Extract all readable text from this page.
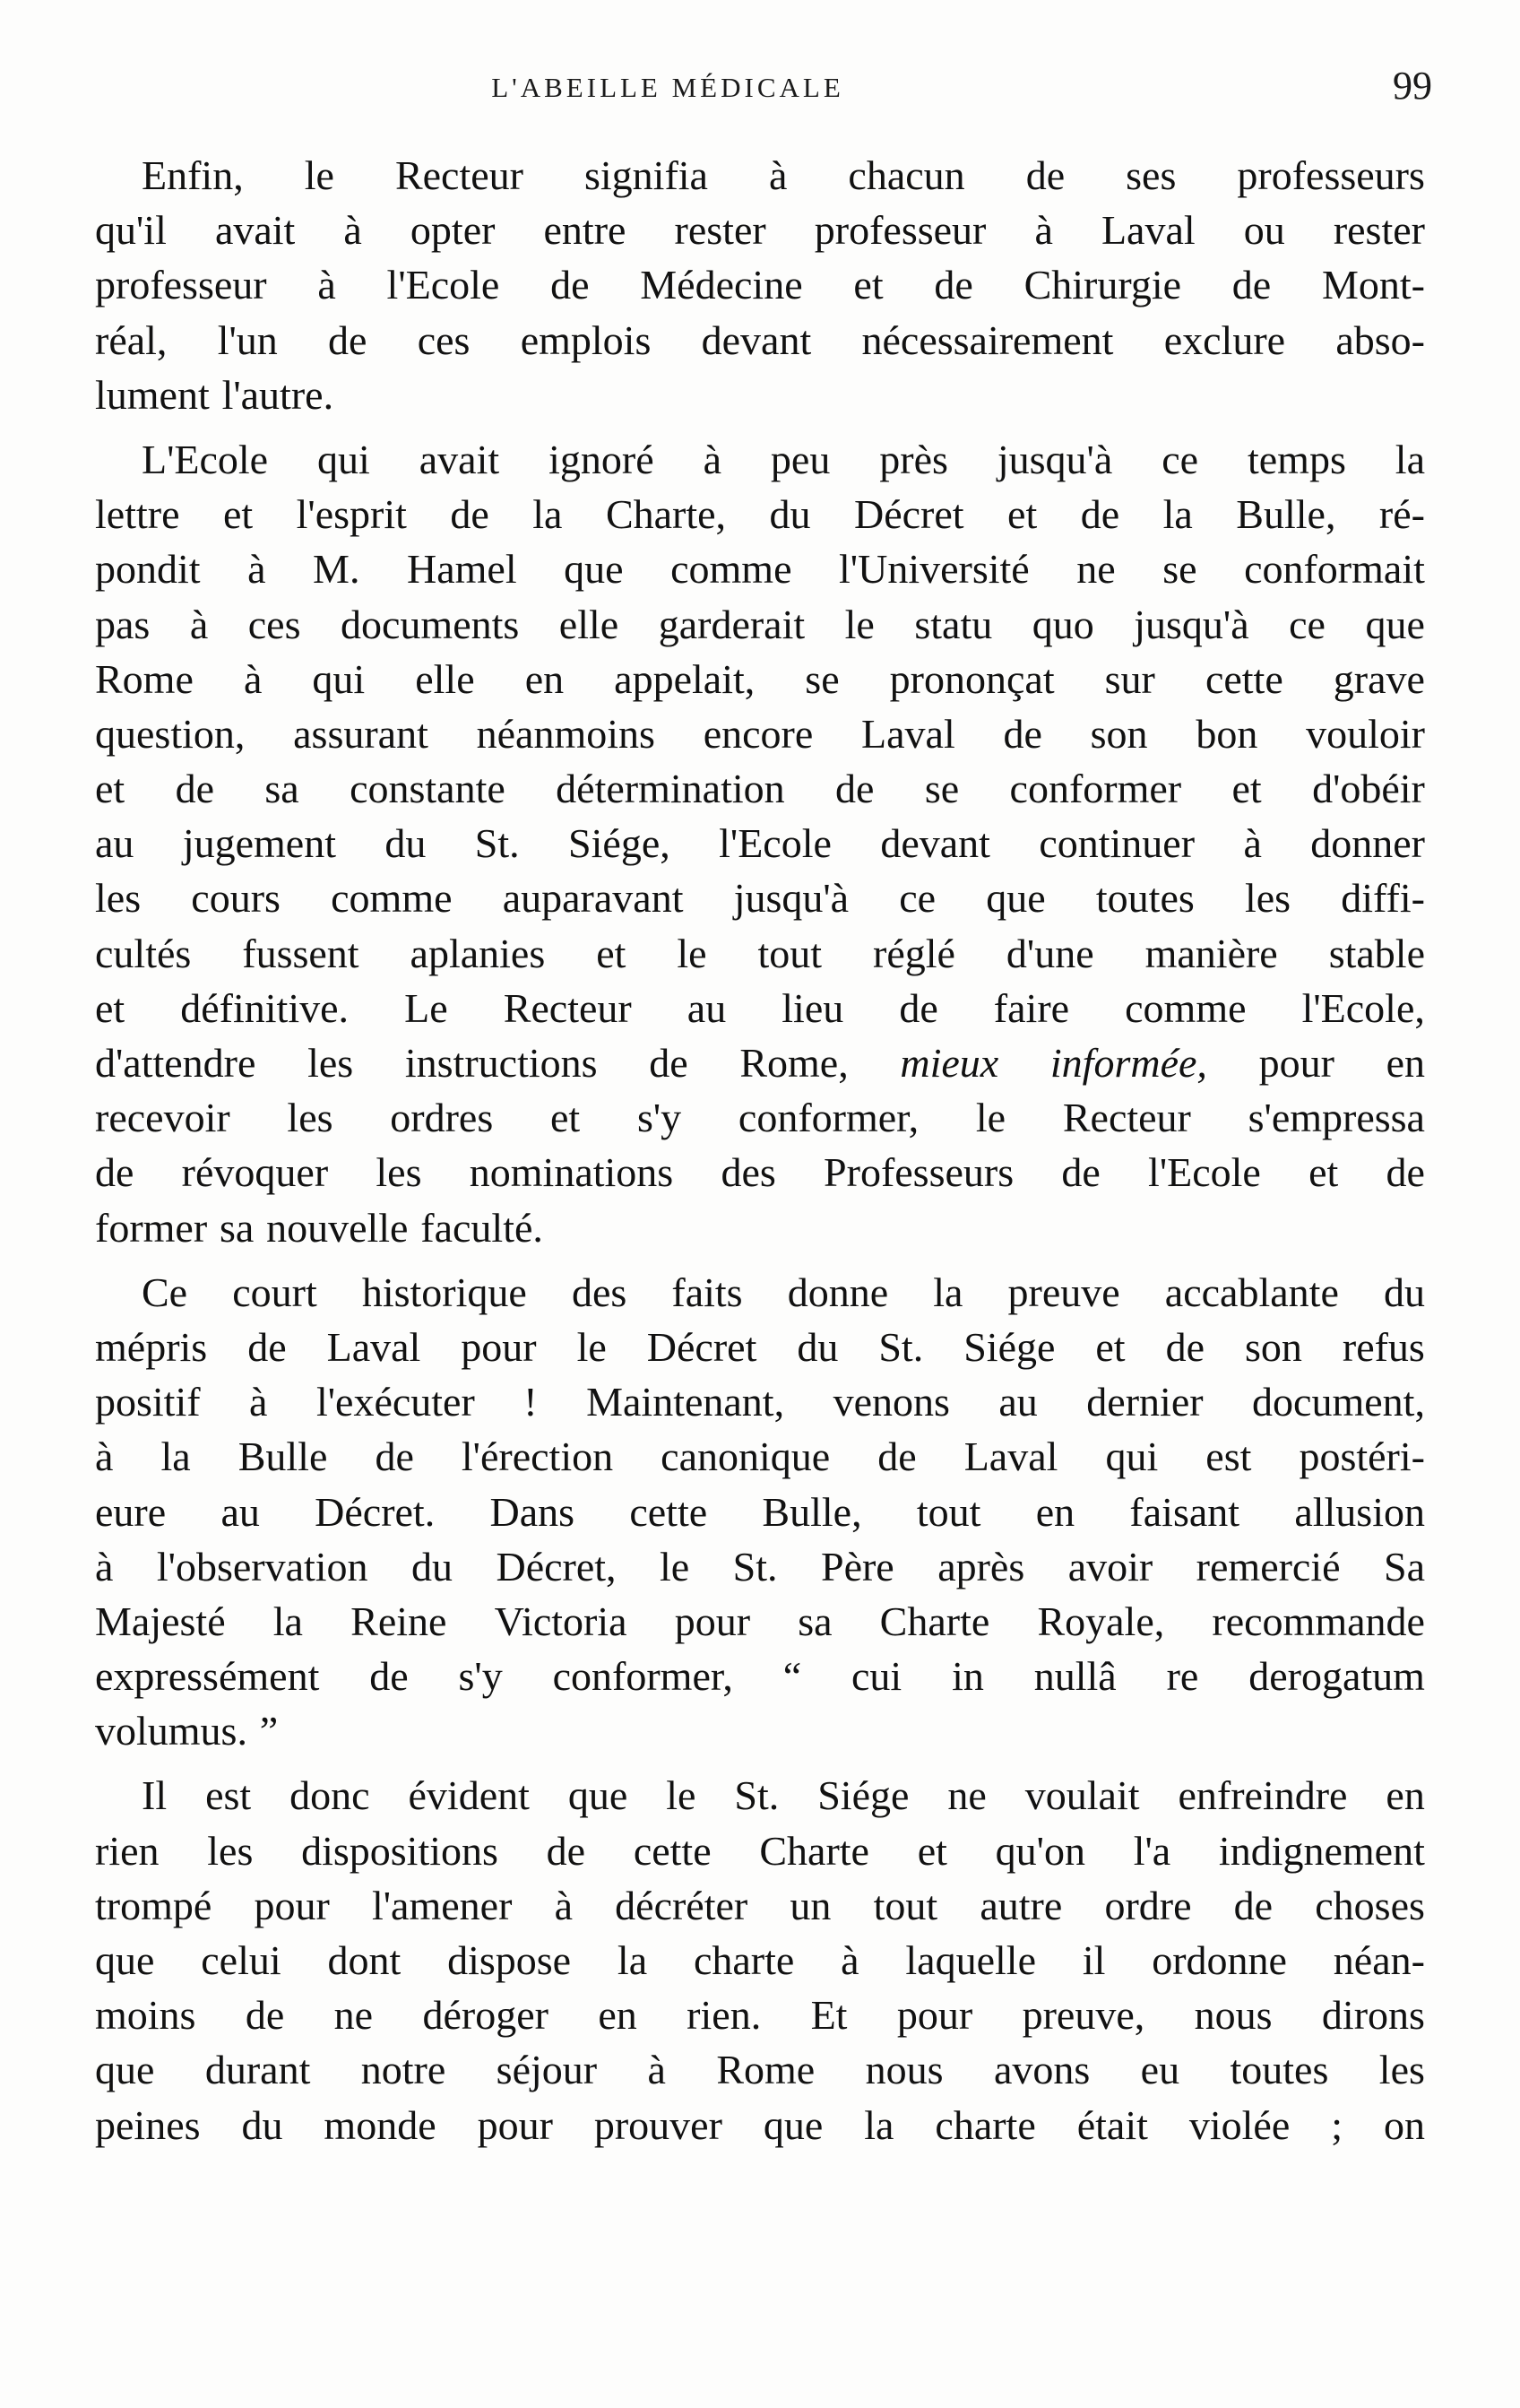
L'ABEILLE MÉDICALE	99
Enfin, le Recteur signifia à chacun de ses professeurs
qu'il avait à opter entre rester professeur à Laval ou rester
professeur à l'Ecole de Médecine et de Chirurgie de Mont-
réal, l'un de ces emplois devant nécessairement exclure abso-
lument l'autre.
L'Ecole qui avait ignoré à peu près jusqu'à ce temps la
lettre et l'esprit de la Charte, du Décret et de la Bulle, ré-
pondit à M. Hamel que comme l'Université ne se conformait
pas à ces documents elle garderait le statu quo jusqu'à ce que
Rome à qui elle en appelait, se prononçat sur cette grave
question, assurant néanmoins encore Laval de son bon vouloir
et de sa constante détermination de se conformer et d'obéir
au jugement du St. Siége, l'Ecole devant continuer à donner
les cours comme auparavant jusqu'à ce que toutes les diffi-
cultés fussent aplanies et le tout réglé d'une manière stable
et définitive. Le Recteur au lieu de faire comme l'Ecole,
d'attendre les instructions de Rome, mieux informée, pour en
recevoir les ordres et s'y conformer, le Recteur s'empressa
de révoquer les nominations des Professeurs de l'Ecole et de
former sa nouvelle faculté.
Ce court historique des faits donne la preuve accablante du
mépris de Laval pour le Décret du St. Siége et de son refus
positif à l'exécuter ! Maintenant, venons au dernier document,
à la Bulle de l'érection canonique de Laval qui est postéri-
eure au Décret. Dans cette Bulle, tout en faisant allusion
à l'observation du Décret, le St. Père après avoir remercié Sa
Majesté la Reine Victoria pour sa Charte Royale, recommande
expressément de s'y conformer, “ cui in nullâ re derogatum
volumus. ”
Il est donc évident que le St. Siége ne voulait enfreindre en
rien les dispositions de cette Charte et qu'on l'a indignement
trompé pour l'amener à décréter un tout autre ordre de choses
que celui dont dispose la charte à laquelle il ordonne néan-
moins de ne déroger en rien. Et pour preuve, nous dirons
que durant notre séjour à Rome nous avons eu toutes les
peines du monde pour prouver que la charte était violée ; on
